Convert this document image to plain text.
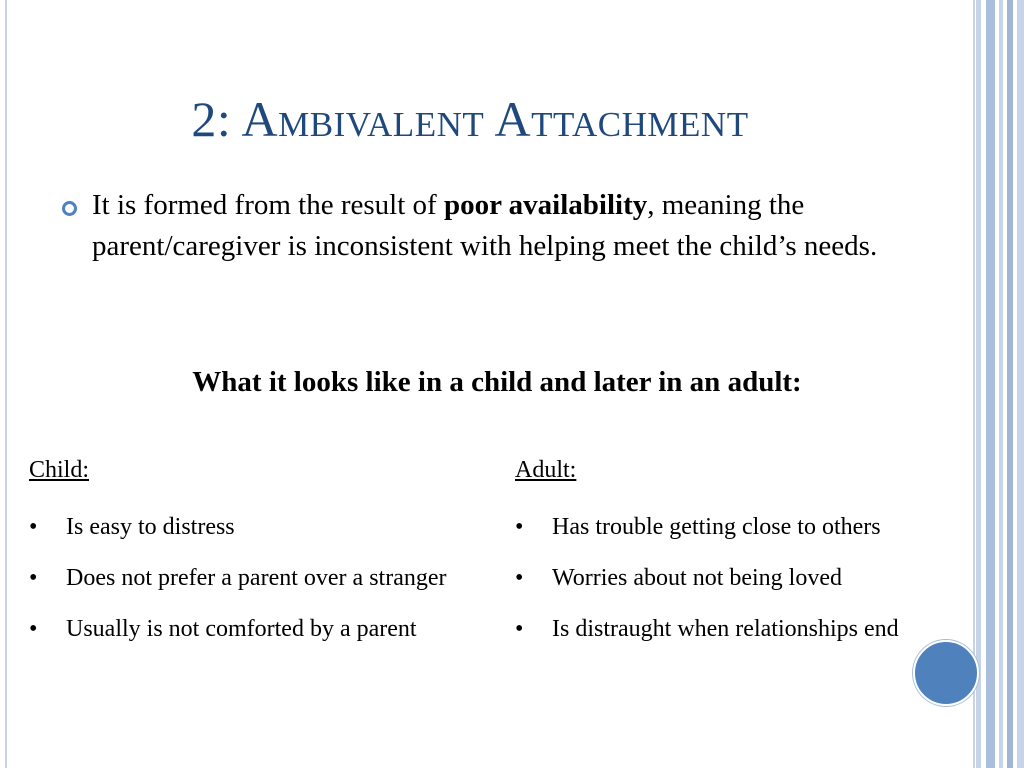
2: Ambivalent Attachment

It is formed from the result of poor availability, meaning the parent/caregiver is inconsistent with helping meet the child’s needs.

What it looks like in a child and later in an adult:

Child:

• Is easy to distress
• Does not prefer a parent over a stranger
• Usually is not comforted by a parent

Adult:

• Has trouble getting close to others
• Worries about not being loved
• Is distraught when relationships end
